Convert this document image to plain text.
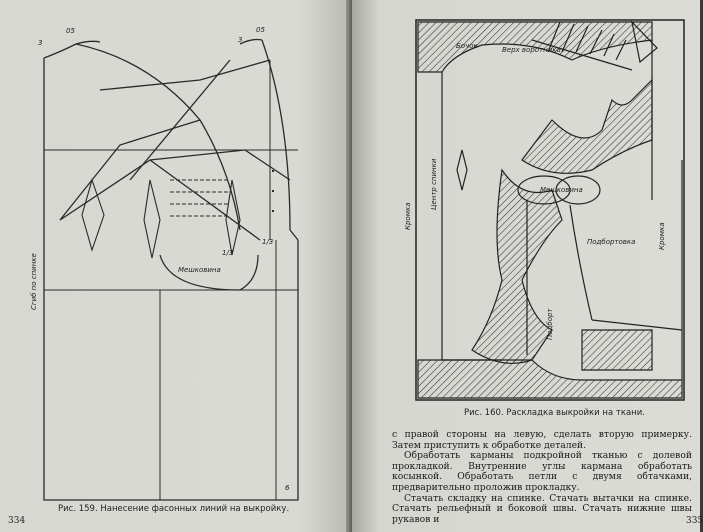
3
05
3
05
1/3
1/3
6
Мешковина
Сгиб по спинке
Рис. 159. Нанесение фасонных линий на выкройку.
334
Мешковина
Подбортовка
Верх воротника
Бочок
Кромка
Центр спинки
Подборт
Кромка
Рис. 160. Раскладка выкройки на ткани.
335

с правой стороны на левую, сделать вторую примерку. Затем приступить к обработке деталей.

Обработать карманы подкройной тканью с долевой прокладкой. Внутренние углы кармана обработать косынкой. Обработать петли с двумя обтачками, предварительно проложив прокладку.

Стачать складку на спинке. Стачать вытачки на спинке. Стачать рельефный и боковой швы. Стачать нижние швы рукавов и
